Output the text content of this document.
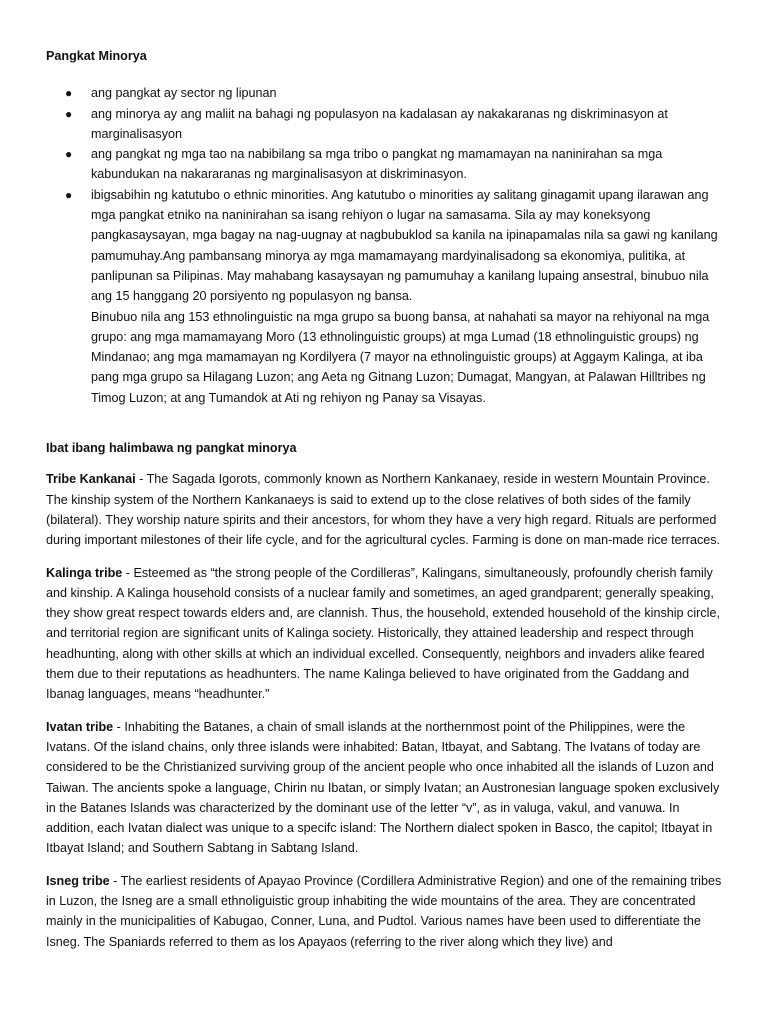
Pangkat Minorya

● ang pangkat ay sector ng lipunan
● ang minorya ay ang maliit na bahagi ng populasyon na kadalasan ay nakakaranas ng diskriminasyon at marginalisasyon
● ang pangkat ng mga tao na nabibilang sa mga tribo o pangkat ng mamamayan na naninirahan sa mga kabundukan na nakararanas ng marginalisasyon at diskriminasyon.
● ibigsabihin ng katutubo o ethnic minorities. Ang katutubo o minorities ay salitang ginagamit upang ilarawan ang mga pangkat etniko na naninirahan sa isang rehiyon o lugar na samasama. Sila ay may koneksyong pangkasaysayan, mga bagay na nag-uugnay at nagbubuklod sa kanila na ipinapamalas nila sa gawi ng kanilang pamumuhay.Ang pambansang minorya ay mga mamamayang mardyinalisadong sa ekonomiya, pulitika, at panlipunan sa Pilipinas. May mahabang kasaysayan ng pamumuhay a kanilang lupaing ansestral, binubuo nila ang 15 hanggang 20 porsiyento ng populasyon ng bansa.
Binubuo nila ang 153 ethnolinguistic na mga grupo sa buong bansa, at nahahati sa mayor na rehiyonal na mga grupo: ang mga mamamayang Moro (13 ethnolinguistic groups) at mga Lumad (18 ethnolinguistic groups) ng Mindanao; ang mga mamamayan ng Kordilyera (7 mayor na ethnolinguistic groups) at Aggaym Kalinga, at iba pang mga grupo sa Hilagang Luzon; ang Aeta ng Gitnang Luzon; Dumagat, Mangyan, at Palawan Hilltribes ng Timog Luzon; at ang Tumandok at Ati ng rehiyon ng Panay sa Visayas.

Ibat ibang halimbawa ng pangkat minorya

Tribe Kankanai - The Sagada Igorots, commonly known as Northern Kankanaey, reside in western Mountain Province. The kinship system of the Northern Kankanaeys is said to extend up to the close relatives of both sides of the family (bilateral). They worship nature spirits and their ancestors, for whom they have a very high regard. Rituals are performed during important milestones of their life cycle, and for the agricultural cycles. Farming is done on man-made rice terraces.

Kalinga tribe - Esteemed as “the strong people of the Cordilleras”, Kalingans, simultaneously, profoundly cherish family and kinship. A Kalinga household consists of a nuclear family and sometimes, an aged grandparent; generally speaking, they show great respect towards elders and, are clannish. Thus, the household, extended household of the kinship circle, and territorial region are significant units of Kalinga society. Historically, they attained leadership and respect through headhunting, along with other skills at which an individual excelled. Consequently, neighbors and invaders alike feared them due to their reputations as headhunters. The name Kalinga believed to have originated from the Gaddang and Ibanag languages, means “headhunter.”

Ivatan tribe - Inhabiting the Batanes, a chain of small islands at the northernmost point of the Philippines, were the Ivatans. Of the island chains, only three islands were inhabited: Batan, Itbayat, and Sabtang. The Ivatans of today are considered to be the Christianized surviving group of the ancient people who once inhabited all the islands of Luzon and Taiwan. The ancients spoke a language, Chirin nu Ibatan, or simply Ivatan; an Austronesian language spoken exclusively in the Batanes Islands was characterized by the dominant use of the letter “v”, as in valuga, vakul, and vanuwa. In addition, each Ivatan dialect was unique to a specifc island: The Northern dialect spoken in Basco, the capitol; Itbayat in Itbayat Island; and Southern Sabtang in Sabtang Island.

Isneg tribe - The earliest residents of Apayao Province (Cordillera Administrative Region) and one of the remaining tribes in Luzon, the Isneg are a small ethnoliguistic group inhabiting the wide mountains of the area. They are concentrated mainly in the municipalities of Kabugao, Conner, Luna, and Pudtol. Various names have been used to differentiate the Isneg. The Spaniards referred to them as los Apayaos (referring to the river along which they live) and
